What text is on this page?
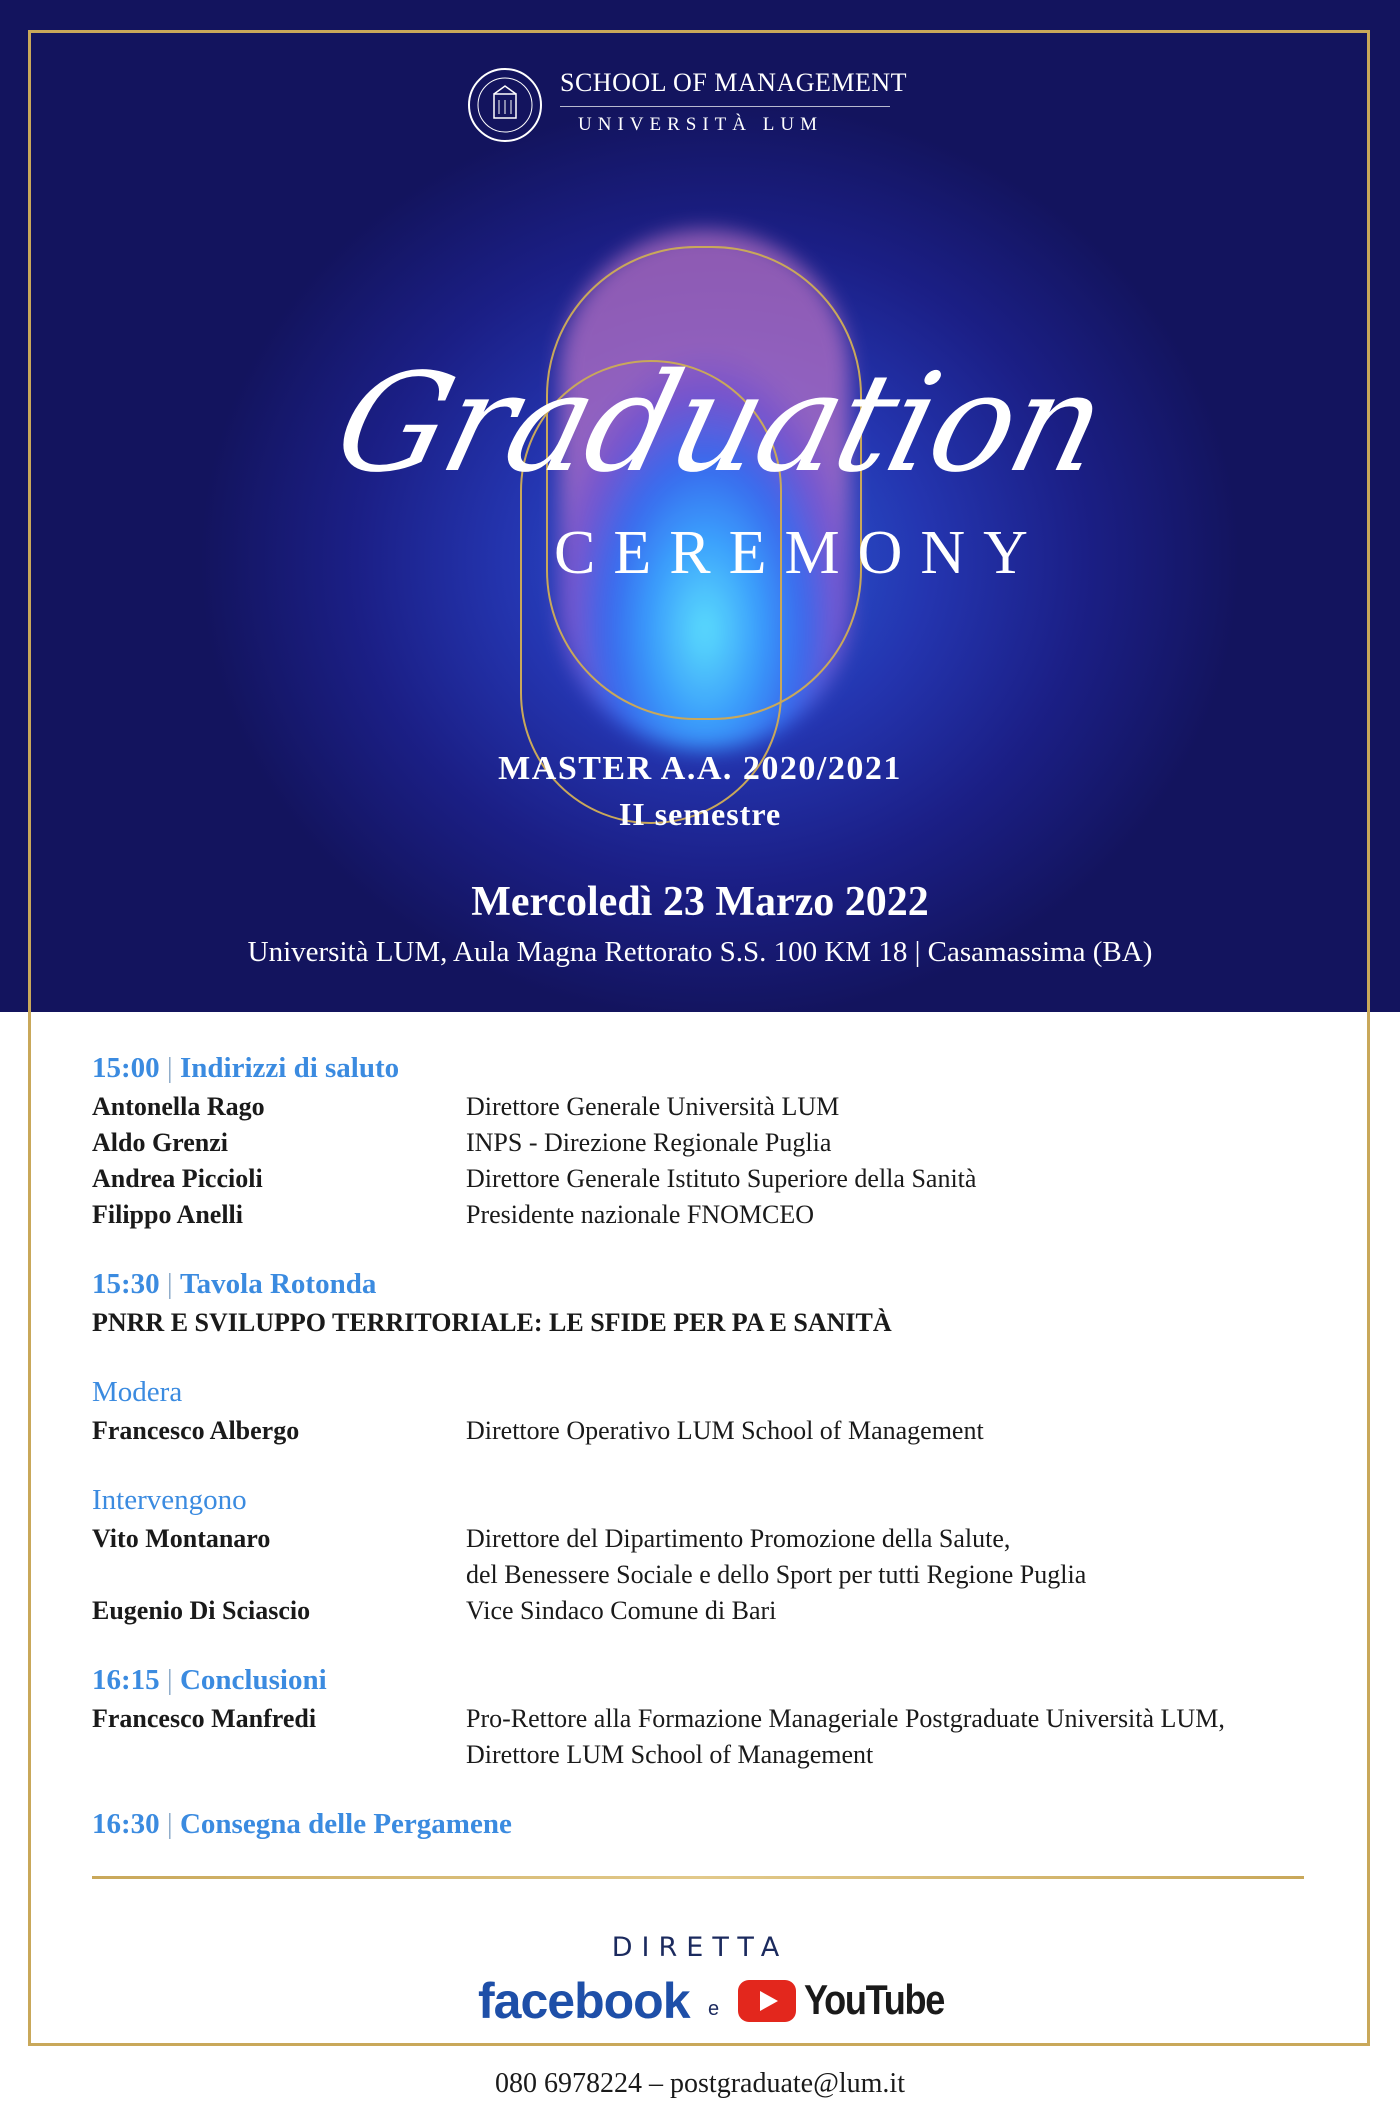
SCHOOL OF MANAGEMENT
UNIVERSITÀ LUM
Graduation
CEREMONY
MASTER A.A. 2020/2021
II semestre
Mercoledì 23 Marzo 2022
Università LUM, Aula Magna Rettorato S.S. 100 KM 18 | Casamassima (BA)
15:00 | Indirizzi di saluto
Antonella Rago	Direttore Generale Università LUM
Aldo Grenzi	INPS - Direzione Regionale Puglia
Andrea Piccioli	Direttore Generale Istituto Superiore della Sanità
Filippo Anelli	Presidente nazionale FNOMCEO
15:30 | Tavola Rotonda
PNRR E SVILUPPO TERRITORIALE: LE SFIDE PER PA E SANITÀ
Modera
Francesco Albergo	Direttore Operativo LUM School of Management
Intervengono
Vito Montanaro	Direttore del Dipartimento Promozione della Salute,
del Benessere Sociale e dello Sport per tutti Regione Puglia
Eugenio Di Sciascio	Vice Sindaco Comune di Bari
16:15 | Conclusioni
Francesco Manfredi	Pro-Rettore alla Formazione Manageriale Postgraduate Università LUM,
Direttore LUM School of Management
16:30 | Consegna delle Pergamene
DIRETTA
facebook e YouTube
080 6978224 – postgraduate@lum.it
